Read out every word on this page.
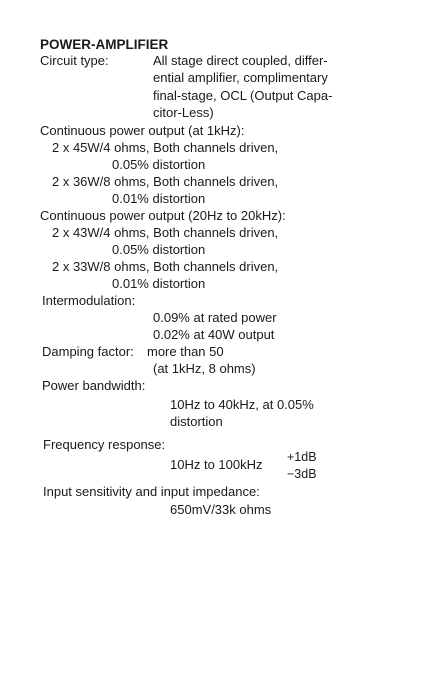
POWER-AMPLIFIER
Circuit type:	All stage direct coupled, differ-
ential amplifier, complimentary
final-stage, OCL (Output Capa-
citor-Less)
Continuous power output (at 1kHz):
2 x 45W/4 ohms, Both channels driven,
0.05% distortion
2 x 36W/8 ohms, Both channels driven,
0.01% distortion
Continuous power output (20Hz to 20kHz):
2 x 43W/4 ohms, Both channels driven,
0.05% distortion
2 x 33W/8 ohms, Both channels driven,
0.01% distortion
Intermodulation:
0.09% at rated power
0.02% at 40W output
Damping factor: more than 50
(at 1kHz, 8 ohms)
Power bandwidth:
10Hz to 40kHz, at 0.05%
distortion
Frequency response:
10Hz to 100kHz +1dB
−3dB
Input sensitivity and input impedance:
650mV/33k ohms
